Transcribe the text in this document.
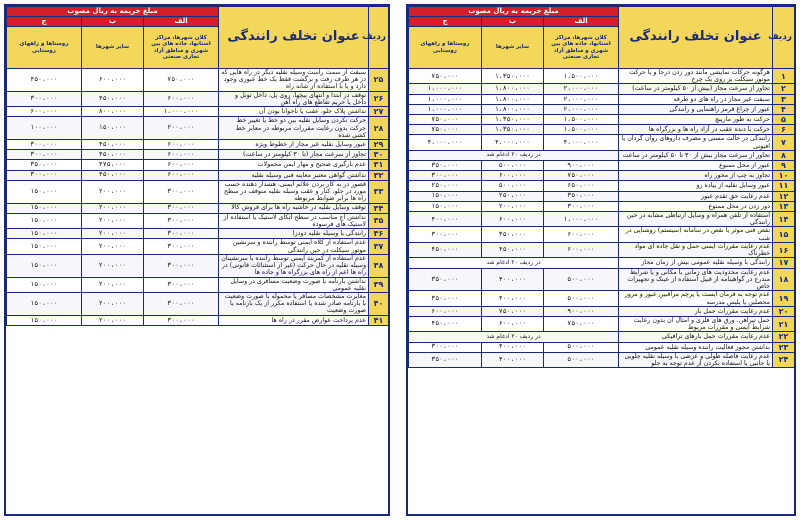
ردیف	عنوان تخلف رانندگی	مبلغ جریمه به ریال مصوب		
		الف	ب	ج
		کلان شهرها، مراکز استانها، جاده های بین شهری و مناطق آزاد تجاری صنعتی	سایر شهرها	روستاها و راههای روستایی
۲۵	سبقت از سمت راست وسیله نقلیه دیگر در راه هایی که در هر طرف رفت و برگشت فقط یک خط عبوری وجود دارد و یا با استفاده از شانه راه	۷۵۰،۰۰۰	۶۰۰،۰۰۰	۴۵۰،۰۰۰
۲۶	توقف در ابتدا و انتهای پیچها، روی پل، داخل تونل و داخل یا حریم تقاطع های راه آهن	۶۰۰،۰۰۰	۴۵۰،۰۰۰	۳۰۰،۰۰۰
۲۷	نداشتن پلاک جلو، عقب یا ناخوانا بودن آن	۱،۰۰۰،۰۰۰	۸۰۰،۰۰۰	۶۰۰،۰۰۰
۲۸	حرکت نکردن وسایل نقلیه بین دو خط یا تغییر خط حرکت بدون رعایت مقررات مربوطه در معابر خط کشی شده	۲۰۰،۰۰۰	۱۵۰،۰۰۰	۱۰۰،۰۰۰
۲۹	عبور وسایل نقلیه غیر مجاز از خطوط ویژه	۶۰۰،۰۰۰	۴۵۰،۰۰۰	۳۰۰،۰۰۰
۳۰	تجاوز از سرعت مجاز (تا ۳۰ کیلومتر در ساعت)	۶۰۰،۰۰۰	۴۵۰،۰۰۰	۳۰۰،۰۰۰
۳۱	عدم بارگیری صحیح و مهار ایمن محمولات	۶۰۰،۰۰۰	۴۷۵،۰۰۰	۳۵۰،۰۰۰
۳۲	نداشتن گواهی معتبر معاینه فنی وسیله نقلیه	۶۰۰،۰۰۰	۴۵۰،۰۰۰	۳۰۰،۰۰۰
۳۳	قصور در به کار بردن علائم ایمنی، هشدار دهنده حسب مورد در جلو، کنار و عقب وسیله نقلیه متوقف در سطح راه ها برابر ضوابط مربوطه	۳۰۰،۰۰۰	۲۰۰،۰۰۰	۱۵۰،۰۰۰
۳۴	توقف وسایل نقلیه در حاشیه راه ها برای فروش کالا	۳۰۰،۰۰۰	۲۰۰،۰۰۰	۱۵۰،۰۰۰
۳۵	نداشتن آج مناسب در سطح اتکای لاستیک یا استفاده از لاستیک های فرسوده	۳۰۰،۰۰۰	۲۰۰،۰۰۰	۱۵۰،۰۰۰
۳۶	رانندگی با وسیله نقلیه دودزا	۳۰۰،۰۰۰	۲۰۰،۰۰۰	۱۵۰،۰۰۰
۳۷	عدم استفاده از کلاه ایمنی توسط راننده و سرنشین موتور سیکلت در حین رانندگی	۳۰۰،۰۰۰	۲۰۰،۰۰۰	۱۵۰،۰۰۰
۳۸	عدم استفاده از کمربند ایمنی توسط راننده یا سرنشینان وسیله نقلیه در حال حرکت (غیر از استثنائات قانونی) در راه ها اعم از راه های بزرگراه ها و جاده ها	۳۰۰،۰۰۰	۲۰۰،۰۰۰	۱۵۰،۰۰۰
۳۹	نداشتن بارنامه یا صورت وضعیت مسافری در وسایل نقلیه عمومی	۳۰۰،۰۰۰	۲۰۰،۰۰۰	۱۵۰،۰۰۰
۴۰	مغایرت مشخصات مسافر یا محموله با صورت وضعیت یا بارنامه صادر شده یا استفاده مکرر از یک بارنامه یا صورت وضعیت	۳۰۰،۰۰۰	۲۰۰،۰۰۰	۱۵۰،۰۰۰
۴۱	عدم پرداخت عوارض مقرر در راه ها	۳۰۰،۰۰۰	۲۰۰،۰۰۰	۱۵۰،۰۰۰
ردیف	عنوان تخلف رانندگی	مبلغ جریمه به ریال مصوب		
		الف	ب	ج
		کلان شهرها، مراکز استانها، جاده های بین شهری و مناطق آزاد تجاری صنعتی	سایر شهرها	روستاها و راههای روستایی
۱	هرگونه حرکات نمایشی مانند دور زدن درجا و یا حرکت موتور سیکلت بر روی یک چرخ	۱،۵۰۰،۰۰۰	۱،۳۵۰،۰۰۰	۷۵۰،۰۰۰
۲	تجاوز از سرعت مجاز (بیش از ۵۰ کیلومتر در ساعت)	۲،۰۰۰،۰۰۰	۱،۸۰۰،۰۰۰	۱،۰۰۰،۰۰۰
۳	سبقت غیر مجاز در راه های دو طرفه	۲،۰۰۰،۰۰۰	۱،۸۰۰،۰۰۰	۱،۰۰۰،۰۰۰
۴	عبور از چراغ قرمز راهنمایی و رانندگی	۲،۰۰۰،۰۰۰	۱،۸۰۰،۰۰۰	۱،۰۰۰،۰۰۰
۵	حرکت به طور مارپیچ	۱،۵۰۰،۰۰۰	۱،۳۵۰،۰۰۰	۷۵۰،۰۰۰
۶	حرکت با دنده عقب در آزاد راه ها و بزرگراه ها	۱،۵۰۰،۰۰۰	۱،۳۵۰،۰۰۰	۷۵۰،۰۰۰
۷	رانندگی در حالت مستی و مصرف داروهای روان گردان یا افیونی	۴،۰۰۰،۰۰۰	۴،۰۰۰،۰۰۰	۴،۰۰۰،۰۰۰
۸	تجاوز از سرعت مجاز بیش از ۳۰ تا ۵۰ کیلومتر در ساعت	در ردیف ۲۰ ادغام شد		
۹	عبور از محل ممنوع	۹۰۰،۰۰۰	۵۰۰،۰۰۰	۳۵۰،۰۰۰
۱۰	تجاوز به چپ از محور راه	۷۵۰،۰۰۰	۶۰۰،۰۰۰	۳۰۰،۰۰۰
۱۱	عبور وسایل نقلیه از پیاده رو	۶۵۰،۰۰۰	۵۰۰،۰۰۰	۲۵۰،۰۰۰
۱۲	عدم رعایت حق تقدم عبور	۳۵۰،۰۰۰	۲۵۰،۰۰۰	۱۵۰،۰۰۰
۱۳	دور زدن در محل ممنوع	۳۰۰،۰۰۰	۲۰۰،۰۰۰	۱۵۰،۰۰۰
۱۴	استفاده از تلفن همراه و وسایل ارتباطی مشابه در حین رانندگی	۱،۰۰۰،۰۰۰	۶۰۰،۰۰۰	۴۰۰،۰۰۰
۱۵	نقص فنی موثر یا نقص در سامانه (سیستم) روشنایی در شب	۶۰۰،۰۰۰	۳۵۰،۰۰۰	۳۰۰،۰۰۰
۱۶	عدم رعایت مقررات ایمنی حمل و نقل جاده ای مواد خطرناک	۶۰۰،۰۰۰	۴۵۰،۰۰۰	۴۵۰،۰۰۰
۱۷	رانندگی با وسیله نقلیه عمومی بیش از زمان مجاز	در ردیف ۲۰ ادغام شد		
۱۸	عدم رعایت محدودیت های زمانی یا مکانی و یا شرایط مندرج در گواهینامه از قبیل استفاده از عینک و تجهیزات خاص	۵۰۰،۰۰۰	۴۰۰،۰۰۰	۳۵۰،۰۰۰
۱۹	عدم توجه به فرمان ایست یا پرچم مراقبین عبور و مرور محصلین یا پلیس مدرسه	۵۰۰،۰۰۰	۴۰۰،۰۰۰	۳۵۰،۰۰۰
۲۰	عدم رعایت مقررات حمل بار	۹۰۰،۰۰۰	۷۵۰،۰۰۰	۶۰۰،۰۰۰
۲۱	حمل تیرآهن، ورق های فلزی و امثال آن بدون رعایت شرایط ایمنی و مقررات مربوط	۷۵۰،۰۰۰	۶۰۰،۰۰۰	۴۵۰،۰۰۰
۲۲	عدم رعایت مقررات حمل بارهای ترافیکی	در ردیف ۲۰ ادغام شد		
۲۳	نداشتن مجوز فعالیت راننده وسیله نقلیه عمومی	۵۰۰،۰۰۰	۴۰۰،۰۰۰	۳۰۰،۰۰۰
۲۴	عدم رعایت فاصله طولی و عرضی با وسیله نقلیه جلویی یا جانبی یا استفاده نکردن از عدم توجه به جلو	۵۰۰،۰۰۰	۴۰۰،۰۰۰	۳۵۰،۰۰۰
